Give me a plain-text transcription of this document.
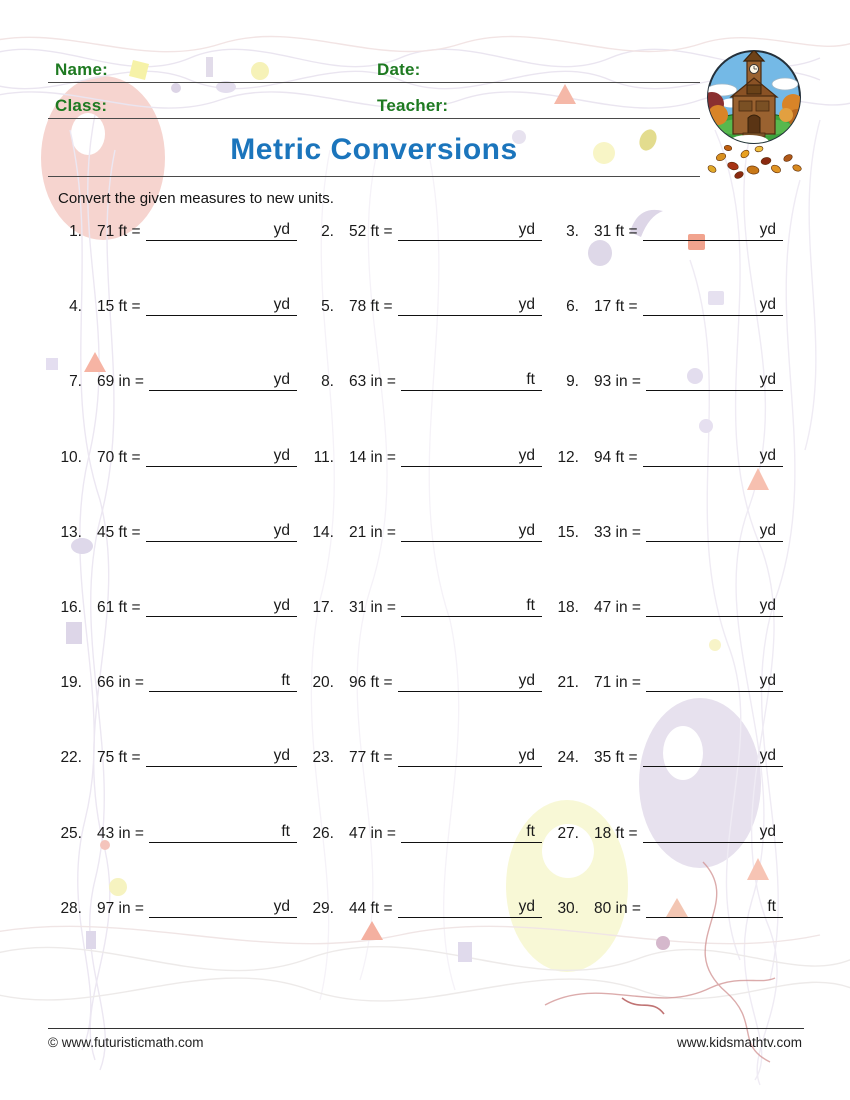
Name:	Date:
Class:	Teacher:
Metric Conversions
Convert the given measures to new units.
1. 71 ft =	yd	2. 52 ft =	yd	3. 31 ft =	yd
4. 15 ft =	yd	5. 78 ft =	yd	6. 17 ft =	yd
7. 69 in =	yd	8. 63 in =	ft	9. 93 in =	yd
10. 70 ft =	yd	11. 14 in =	yd	12. 94 ft =	yd
13. 45 ft =	yd	14. 21 in =	yd	15. 33 in =	yd
16. 61 ft =	yd	17. 31 in =	ft	18. 47 in =	yd
19. 66 in =	ft	20. 96 ft =	yd	21. 71 in =	yd
22. 75 ft =	yd	23. 77 ft =	yd	24. 35 ft =	yd
25. 43 in =	ft	26. 47 in =	ft	27. 18 ft =	yd
28. 97 in =	yd	29. 44 ft =	yd	30. 80 in =	ft
© www.futuristicmath.com	www.kidsmathtv.com
